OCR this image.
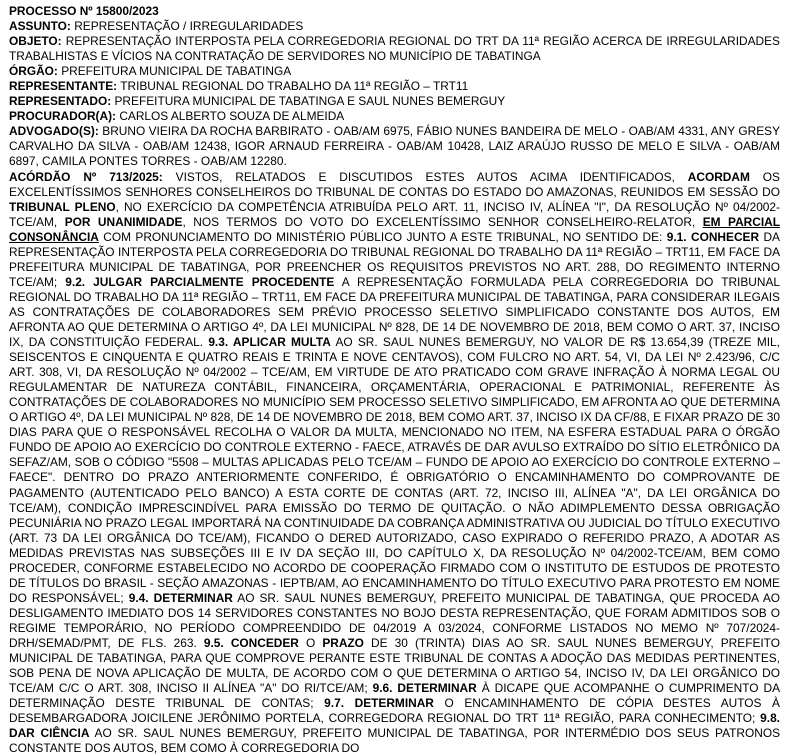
PROCESSO Nº 15800/2023

ASSUNTO: REPRESENTAÇÃO / IRREGULARIDADES

OBJETO: REPRESENTAÇÃO INTERPOSTA PELA CORREGEDORIA REGIONAL DO TRT DA 11ª REGIÃO ACERCA DE IRREGULARIDADES TRABALHISTAS E VÍCIOS NA CONTRATAÇÃO DE SERVIDORES NO MUNICÍPIO DE TABATINGA

ÓRGÃO: PREFEITURA MUNICIPAL DE TABATINGA

REPRESENTANTE: TRIBUNAL REGIONAL DO TRABALHO DA 11ª REGIÃO – TRT11

REPRESENTADO: PREFEITURA MUNICIPAL DE TABATINGA E SAUL NUNES BEMERGUY

PROCURADOR(A): CARLOS ALBERTO SOUZA DE ALMEIDA

ADVOGADO(S): BRUNO VIEIRA DA ROCHA BARBIRATO - OAB/AM 6975, FÁBIO NUNES BANDEIRA DE MELO - OAB/AM 4331, ANY GRESY CARVALHO DA SILVA - OAB/AM 12438, IGOR ARNAUD FERREIRA - OAB/AM 10428, LAIZ ARAÚJO RUSSO DE MELO E SILVA - OAB/AM 6897, CAMILA PONTES TORRES - OAB/AM 12280.

ACÓRDÃO Nº 713/2025: VISTOS, RELATADOS E DISCUTIDOS ESTES AUTOS ACIMA IDENTIFICADOS, ACORDAM OS EXCELENTÍSSIMOS SENHORES CONSELHEIROS DO TRIBUNAL DE CONTAS DO ESTADO DO AMAZONAS, REUNIDOS EM SESSÃO DO TRIBUNAL PLENO, NO EXERCÍCIO DA COMPETÊNCIA ATRIBUÍDA PELO ART. 11, INCISO IV, ALÍNEA "I", DA RESOLUÇÃO Nº 04/2002-TCE/AM, POR UNANIMIDADE, NOS TERMOS DO VOTO DO EXCELENTÍSSIMO SENHOR CONSELHEIRO-RELATOR, EM PARCIAL CONSONÂNCIA COM PRONUNCIAMENTO DO MINISTÉRIO PÚBLICO JUNTO A ESTE TRIBUNAL, NO SENTIDO DE: 9.1. CONHECER DA REPRESENTAÇÃO INTERPOSTA PELA CORREGEDORIA DO TRIBUNAL REGIONAL DO TRABALHO DA 11ª REGIÃO – TRT11, EM FACE DA PREFEITURA MUNICIPAL DE TABATINGA, POR PREENCHER OS REQUISITOS PREVISTOS NO ART. 288, DO REGIMENTO INTERNO TCE/AM; 9.2. JULGAR PARCIALMENTE PROCEDENTE A REPRESENTAÇÃO FORMULADA PELA CORREGEDORIA DO TRIBUNAL REGIONAL DO TRABALHO DA 11ª REGIÃO – TRT11, EM FACE DA PREFEITURA MUNICIPAL DE TABATINGA, PARA CONSIDERAR ILEGAIS AS CONTRATAÇÕES DE COLABORADORES SEM PRÉVIO PROCESSO SELETIVO SIMPLIFICADO CONSTANTE DOS AUTOS, EM AFRONTA AO QUE DETERMINA O ARTIGO 4º, DA LEI MUNICIPAL Nº 828, DE 14 DE NOVEMBRO DE 2018, BEM COMO O ART. 37, INCISO IX, DA CONSTITUIÇÃO FEDERAL. 9.3. APLICAR MULTA AO SR. SAUL NUNES BEMERGUY, NO VALOR DE R$ 13.654,39 (TREZE MIL, SEISCENTOS E CINQUENTA E QUATRO REAIS E TRINTA E NOVE CENTAVOS), COM FULCRO NO ART. 54, VI, DA LEI Nº 2.423/96, C/C ART. 308, VI, DA RESOLUÇÃO Nº 04/2002 – TCE/AM, EM VIRTUDE DE ATO PRATICADO COM GRAVE INFRAÇÃO À NORMA LEGAL OU REGULAMENTAR DE NATUREZA CONTÁBIL, FINANCEIRA, ORÇAMENTÁRIA, OPERACIONAL E PATRIMONIAL, REFERENTE ÀS CONTRATAÇÕES DE COLABORADORES NO MUNICÍPIO SEM PROCESSO SELETIVO SIMPLIFICADO, EM AFRONTA AO QUE DETERMINA O ARTIGO 4º, DA LEI MUNICIPAL Nº 828, DE 14 DE NOVEMBRO DE 2018, BEM COMO ART. 37, INCISO IX DA CF/88, E FIXAR PRAZO DE 30 DIAS PARA QUE O RESPONSÁVEL RECOLHA O VALOR DA MULTA, MENCIONADO NO ITEM, NA ESFERA ESTADUAL PARA O ÓRGÃO FUNDO DE APOIO AO EXERCÍCIO DO CONTROLE EXTERNO - FAECE, ATRAVÉS DE DAR AVULSO EXTRAÍDO DO SÍTIO ELETRÔNICO DA SEFAZ/AM, SOB O CÓDIGO "5508 – MULTAS APLICADAS PELO TCE/AM – FUNDO DE APOIO AO EXERCÍCIO DO CONTROLE EXTERNO – FAECE". DENTRO DO PRAZO ANTERIORMENTE CONFERIDO, É OBRIGATÓRIO O ENCAMINHAMENTO DO COMPROVANTE DE PAGAMENTO (AUTENTICADO PELO BANCO) A ESTA CORTE DE CONTAS (ART. 72, INCISO III, ALÍNEA "A", DA LEI ORGÂNICA DO TCE/AM), CONDIÇÃO IMPRESCINDÍVEL PARA EMISSÃO DO TERMO DE QUITAÇÃO. O NÃO ADIMPLEMENTO DESSA OBRIGAÇÃO PECUNIÁRIA NO PRAZO LEGAL IMPORTARÁ NA CONTINUIDADE DA COBRANÇA ADMINISTRATIVA OU JUDICIAL DO TÍTULO EXECUTIVO (ART. 73 DA LEI ORGÂNICA DO TCE/AM), FICANDO O DERED AUTORIZADO, CASO EXPIRADO O REFERIDO PRAZO, A ADOTAR AS MEDIDAS PREVISTAS NAS SUBSEÇÕES III E IV DA SEÇÃO III, DO CAPÍTULO X, DA RESOLUÇÃO Nº 04/2002-TCE/AM, BEM COMO PROCEDER, CONFORME ESTABELECIDO NO ACORDO DE COOPERAÇÃO FIRMADO COM O INSTITUTO DE ESTUDOS DE PROTESTO DE TÍTULOS DO BRASIL - SEÇÃO AMAZONAS - IEPTB/AM, AO ENCAMINHAMENTO DO TÍTULO EXECUTIVO PARA PROTESTO EM NOME DO RESPONSÁVEL; 9.4. DETERMINAR AO SR. SAUL NUNES BEMERGUY, PREFEITO MUNICIPAL DE TABATINGA, QUE PROCEDA AO DESLIGAMENTO IMEDIATO DOS 14 SERVIDORES CONSTANTES NO BOJO DESTA REPRESENTAÇÃO, QUE FORAM ADMITIDOS SOB O REGIME TEMPORÁRIO, NO PERÍODO COMPREENDIDO DE 04/2019 A 03/2024, CONFORME LISTADOS NO MEMO Nº 707/2024-DRH/SEMAD/PMT, DE FLS. 263. 9.5. CONCEDER O PRAZO DE 30 (TRINTA) DIAS AO SR. SAUL NUNES BEMERGUY, PREFEITO MUNICIPAL DE TABATINGA, PARA QUE COMPROVE PERANTE ESTE TRIBUNAL DE CONTAS A ADOÇÃO DAS MEDIDAS PERTINENTES, SOB PENA DE NOVA APLICAÇÃO DE MULTA, DE ACORDO COM O QUE DETERMINA O ARTIGO 54, INCISO IV, DA LEI ORGÂNICO DO TCE/AM C/C O ART. 308, INCISO II ALÍNEA "A" DO RI/TCE/AM; 9.6. DETERMINAR À DICAPE QUE ACOMPANHE O CUMPRIMENTO DA DETERMINAÇÃO DESTE TRIBUNAL DE CONTAS; 9.7. DETERMINAR O ENCAMINHAMENTO DE CÓPIA DESTES AUTOS À DESEMBARGADORA JOICILENE JERÔNIMO PORTELA, CORREGEDORA REGIONAL DO TRT 11ª REGIÃO, PARA CONHECIMENTO; 9.8. DAR CIÊNCIA AO SR. SAUL NUNES BEMERGUY, PREFEITO MUNICIPAL DE TABATINGA, POR INTERMÉDIO DOS SEUS PATRONOS CONSTANTE DOS AUTOS, BEM COMO À CORREGEDORIA DO
